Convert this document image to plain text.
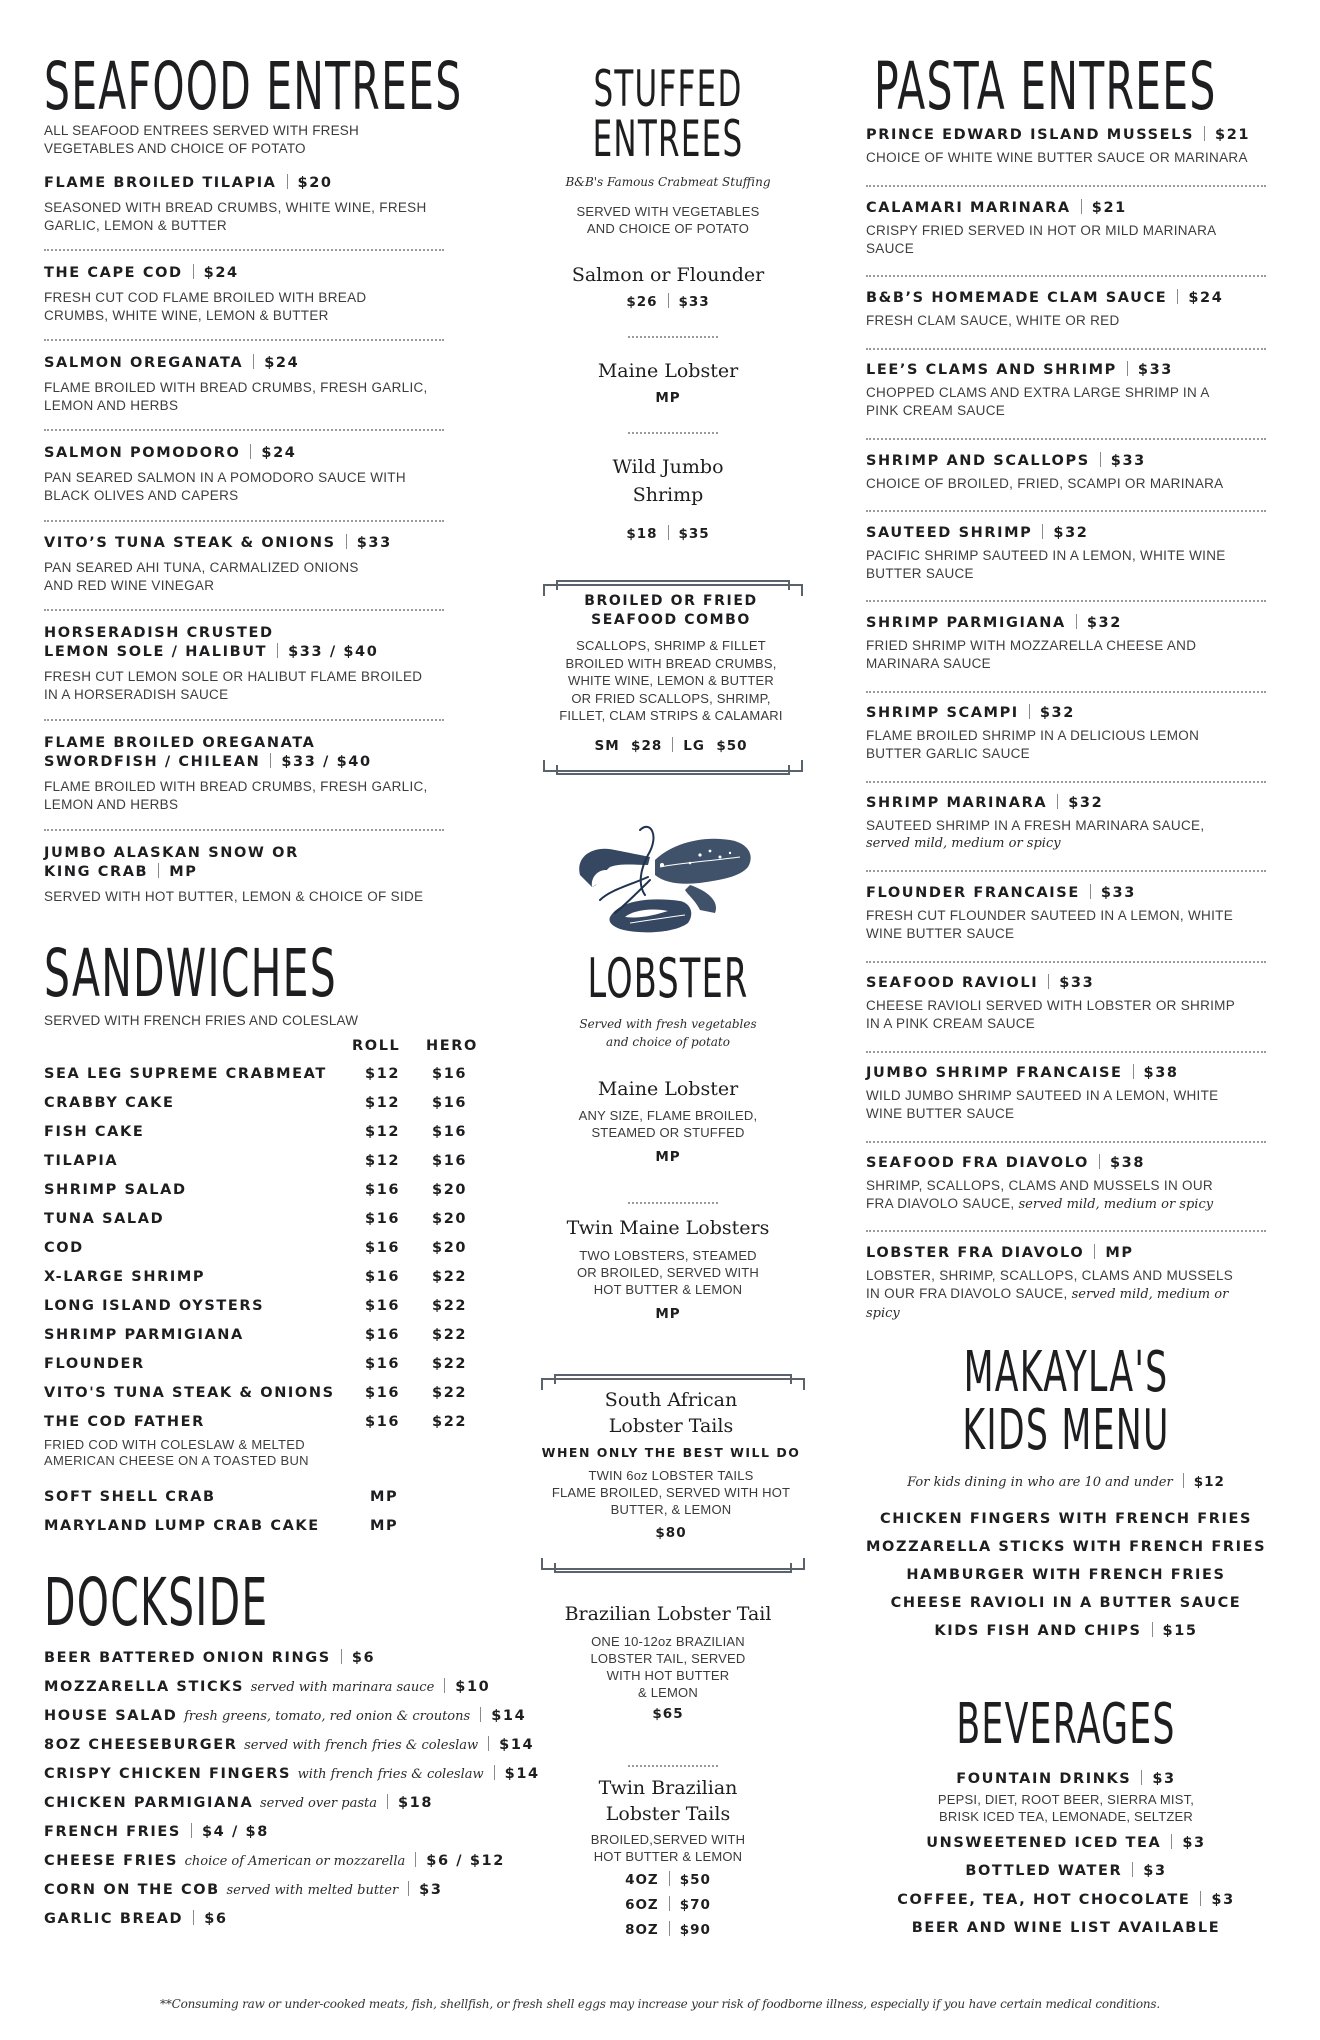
SEAFOOD ENTREES
ALL SEAFOOD ENTREES SERVED WITH FRESH
VEGETABLES AND CHOICE OF POTATO
FLAME BROILED TILAPIA $20
SEASONED WITH BREAD CRUMBS, WHITE WINE, FRESH
GARLIC, LEMON & BUTTER
THE CAPE COD $24
FRESH CUT COD FLAME BROILED WITH BREAD
CRUMBS, WHITE WINE, LEMON & BUTTER
SALMON OREGANATA $24
FLAME BROILED WITH BREAD CRUMBS, FRESH GARLIC,
LEMON AND HERBS
SALMON POMODORO $24
PAN SEARED SALMON IN A POMODORO SAUCE WITH
BLACK OLIVES AND CAPERS
VITO’S TUNA STEAK & ONIONS $33
PAN SEARED AHI TUNA, CARMALIZED ONIONS
AND RED WINE VINEGAR
HORSERADISH CRUSTED
LEMON SOLE / HALIBUT $33 / $40
FRESH CUT LEMON SOLE OR HALIBUT FLAME BROILED
IN A HORSERADISH SAUCE
FLAME BROILED OREGANATA
SWORDFISH / CHILEAN $33 / $40
FLAME BROILED WITH BREAD CRUMBS, FRESH GARLIC,
LEMON AND HERBS
JUMBO ALASKAN SNOW OR
KING CRAB MP
SERVED WITH HOT BUTTER, LEMON & CHOICE OF SIDE
SANDWICHES
SERVED WITH FRENCH FRIES AND COLESLAW
ROLL HERO
SEA LEG SUPREME CRABMEAT	$12 $16
CRABBY CAKE	$12 $16
FISH CAKE	$12 $16
TILAPIA	$12 $16
SHRIMP SALAD	$16 $20
TUNA SALAD	$16 $20
COD	$16 $20
X-LARGE SHRIMP	$16 $22
LONG ISLAND OYSTERS	$16 $22
SHRIMP PARMIGIANA	$16 $22
FLOUNDER	$16 $22
VITO'S TUNA STEAK & ONIONS $16 $22
THE COD FATHER	$16 $22
FRIED COD WITH COLESLAW & MELTED
AMERICAN CHEESE ON A TOASTED BUN
SOFT SHELL CRAB	MP
MARYLAND LUMP CRAB CAKE	MP
DOCKSIDE
BEER BATTERED ONION RINGS $6
MOZZARELLA STICKS served with marinara sauce $10
HOUSE SALAD fresh greens, tomato, red onion & croutons $14
8OZ CHEESEBURGER served with french fries & coleslaw $14
CRISPY CHICKEN FINGERS with french fries & coleslaw $14
CHICKEN PARMIGIANA served over pasta $18
FRENCH FRIES $4 / $8
CHEESE FRIES choice of American or mozzarella $6 / $12
CORN ON THE COB served with melted butter $3
GARLIC BREAD $6
STUFFED
ENTREES
B&B's Famous Crabmeat Stuffing
SERVED WITH VEGETABLES
AND CHOICE OF POTATO
Salmon or Flounder
$26 $33
Maine Lobster
MP
Wild Jumbo
Shrimp
$18 $35
BROILED OR FRIED
SEAFOOD COMBO
SCALLOPS, SHRIMP & FILLET
BROILED WITH BREAD CRUMBS,
WHITE WINE, LEMON & BUTTER
OR FRIED SCALLOPS, SHRIMP,
FILLET, CLAM STRIPS & CALAMARI
SM $28 LG $50
LOBSTER
Served with fresh vegetables
and choice of potato
Maine Lobster
ANY SIZE, FLAME BROILED,
STEAMED OR STUFFED
MP
Twin Maine Lobsters
TWO LOBSTERS, STEAMED
OR BROILED, SERVED WITH
HOT BUTTER & LEMON
MP
South African
Lobster Tails
WHEN ONLY THE BEST WILL DO
TWIN 6oz LOBSTER TAILS
FLAME BROILED, SERVED WITH HOT
BUTTER, & LEMON
$80
Brazilian Lobster Tail
ONE 10-12oz BRAZILIAN
LOBSTER TAIL, SERVED
WITH HOT BUTTER
& LEMON
$65
Twin Brazilian
Lobster Tails
BROILED,SERVED WITH
HOT BUTTER & LEMON
4OZ $50
6OZ $70
8OZ $90
PASTA ENTREES
PRINCE EDWARD ISLAND MUSSELS $21
CHOICE OF WHITE WINE BUTTER SAUCE OR MARINARA
CALAMARI MARINARA $21
CRISPY FRIED SERVED IN HOT OR MILD MARINARA
SAUCE
B&B’S HOMEMADE CLAM SAUCE $24
FRESH CLAM SAUCE, WHITE OR RED
LEE’S CLAMS AND SHRIMP $33
CHOPPED CLAMS AND EXTRA LARGE SHRIMP IN A
PINK CREAM SAUCE
SHRIMP AND SCALLOPS $33
CHOICE OF BROILED, FRIED, SCAMPI OR MARINARA
SAUTEED SHRIMP $32
PACIFIC SHRIMP SAUTEED IN A LEMON, WHITE WINE
BUTTER SAUCE
SHRIMP PARMIGIANA $32
FRIED SHRIMP WITH MOZZARELLA CHEESE AND
MARINARA SAUCE
SHRIMP SCAMPI $32
FLAME BROILED SHRIMP IN A DELICIOUS LEMON
BUTTER GARLIC SAUCE
SHRIMP MARINARA $32
SAUTEED SHRIMP IN A FRESH MARINARA SAUCE,
served mild, medium or spicy
FLOUNDER FRANCAISE $33
FRESH CUT FLOUNDER SAUTEED IN A LEMON, WHITE
WINE BUTTER SAUCE
SEAFOOD RAVIOLI $33
CHEESE RAVIOLI SERVED WITH LOBSTER OR SHRIMP
IN A PINK CREAM SAUCE
JUMBO SHRIMP FRANCAISE $38
WILD JUMBO SHRIMP SAUTEED IN A LEMON, WHITE
WINE BUTTER SAUCE
SEAFOOD FRA DIAVOLO $38
SHRIMP, SCALLOPS, CLAMS AND MUSSELS IN OUR
FRA DIAVOLO SAUCE, served mild, medium or spicy
LOBSTER FRA DIAVOLO MP
LOBSTER, SHRIMP, SCALLOPS, CLAMS AND MUSSELS
IN OUR FRA DIAVOLO SAUCE, served mild, medium or spicy
MAKAYLA'S
KIDS MENU
For kids dining in who are 10 and under $12
CHICKEN FINGERS WITH FRENCH FRIES
MOZZARELLA STICKS WITH FRENCH FRIES
HAMBURGER WITH FRENCH FRIES
CHEESE RAVIOLI IN A BUTTER SAUCE
KIDS FISH AND CHIPS $15
BEVERAGES
FOUNTAIN DRINKS $3
PEPSI, DIET, ROOT BEER, SIERRA MIST,
BRISK ICED TEA, LEMONADE, SELTZER
UNSWEETENED ICED TEA $3
BOTTLED WATER $3
COFFEE, TEA, HOT CHOCOLATE $3
BEER AND WINE LIST AVAILABLE
**Consuming raw or under-cooked meats, fish, shellfish, or fresh shell eggs may increase your risk of foodborne illness, especially if you have certain medical conditions.
